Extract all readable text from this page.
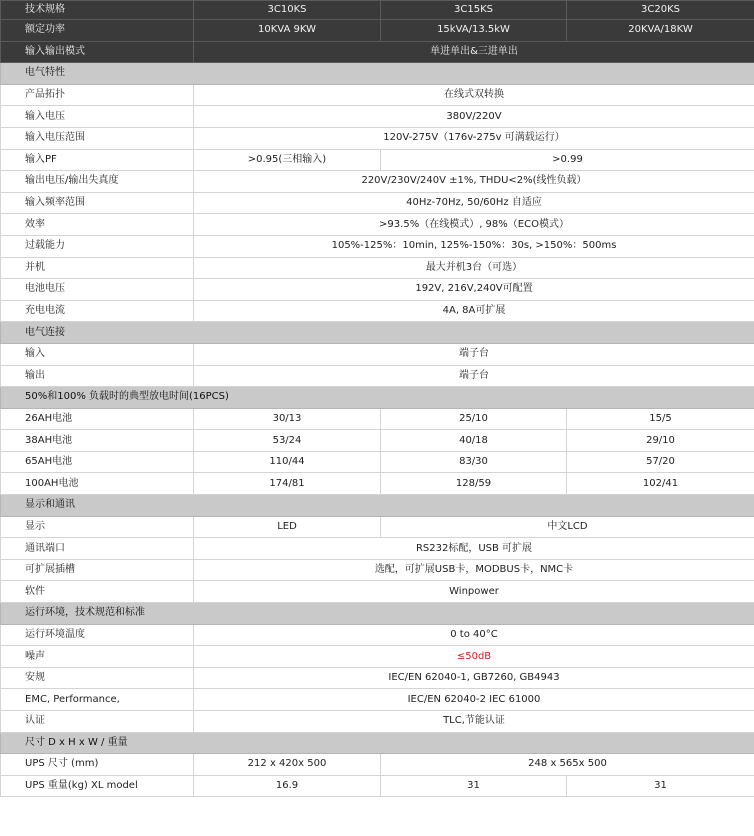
技术规格	3C10KS	3C15KS	3C20KS
额定功率	10KVA 9KW	15kVA/13.5kW	20KVA/18KW
输入输出模式	单进单出&三进单出		
电气特性			
产品拓扑	在线式双转换		
输入电压	380V/220V		
输入电压范围	120V-275V（176v-275v 可满载运行）		
输入PF	>0.95(三相输入)	>0.99	
输出电压/输出失真度	220V/230V/240V ±1%, THDU<2%(线性负载）		
输入频率范围	40Hz-70Hz, 50/60Hz 自适应		
效率	>93.5%（在线模式）, 98%（ECO模式）		
过载能力	105%-125%：10min, 125%-150%：30s, >150%：500ms		
并机	最大并机3台（可选）		
电池电压	192V, 216V,240V可配置		
充电电流	4A, 8A可扩展		
电气连接			
输入	端子台		
输出	端子台		
50%和100% 负载时的典型放电时间(16PCS)			
26AH电池	30/13	25/10	15/5
38AH电池	53/24	40/18	29/10
65AH电池	110/44	83/30	57/20
100AH电池	174/81	128/59	102/41
显示和通讯			
显示	LED	中文LCD	
通讯端口	RS232标配，USB 可扩展		
可扩展插槽	选配，可扩展USB卡，MODBUS卡，NMC卡		
软件	Winpower		
运行环境，技术规范和标准			
运行环境温度	0 to 40°C		
噪声	≤50dB		
安规	IEC/EN 62040-1, GB7260, GB4943		
EMC, Performance,	IEC/EN 62040-2 IEC 61000		
认证	TLC,节能认证		
尺寸 D x H x W / 重量			
UPS 尺寸 (mm)	212 x 420x 500	248 x 565x 500	
UPS 重量(kg) XL model	16.9	31	31
